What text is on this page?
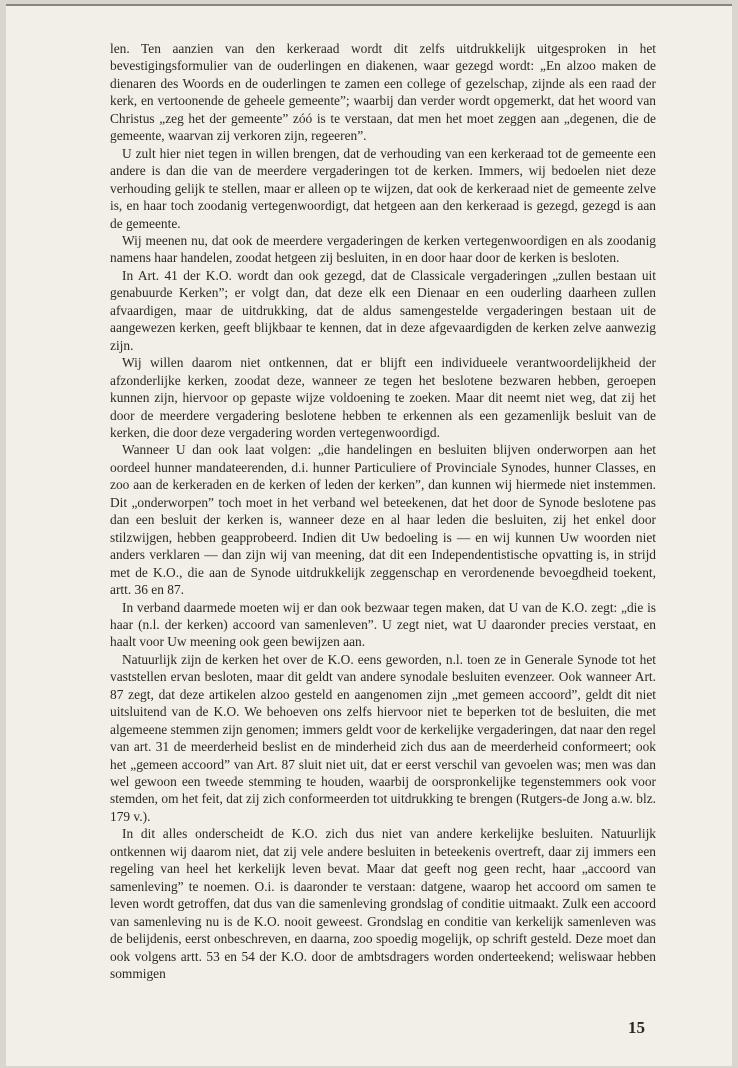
len. Ten aanzien van den kerkeraad wordt dit zelfs uitdrukkelijk uitgesproken in het bevestigingsformulier van de ouderlingen en diakenen, waar gezegd wordt: „En alzoo maken de dienaren des Woords en de ouderlingen te zamen een college of gezelschap, zijnde als een raad der kerk, en vertoonende de geheele gemeente”; waarbij dan verder wordt opgemerkt, dat het woord van Christus „zeg het der gemeente” zóó is te verstaan, dat men het moet zeggen aan „degenen, die de gemeente, waarvan zij verkoren zijn, regeeren”.

U zult hier niet tegen in willen brengen, dat de verhouding van een kerkeraad tot de gemeente een andere is dan die van de meerdere vergaderingen tot de kerken. Immers, wij bedoelen niet deze verhouding gelijk te stellen, maar er alleen op te wijzen, dat ook de kerkeraad niet de gemeente zelve is, en haar toch zoodanig vertegenwoordigt, dat hetgeen aan den kerkeraad is gezegd, gezegd is aan de gemeente.

Wij meenen nu, dat ook de meerdere vergaderingen de kerken vertegenwoordigen en als zoodanig namens haar handelen, zoodat hetgeen zij besluiten, in en door haar door de kerken is besloten.

In Art. 41 der K.O. wordt dan ook gezegd, dat de Classicale vergaderingen „zullen bestaan uit genabuurde Kerken”; er volgt dan, dat deze elk een Dienaar en een ouderling daarheen zullen afvaardigen, maar de uitdrukking, dat de aldus samengestelde vergaderingen bestaan uit de aangewezen kerken, geeft blijkbaar te kennen, dat in deze afgevaardigden de kerken zelve aanwezig zijn.

Wij willen daarom niet ontkennen, dat er blijft een individueele verantwoordelijkheid der afzonderlijke kerken, zoodat deze, wanneer ze tegen het beslotene bezwaren hebben, geroepen kunnen zijn, hiervoor op gepaste wijze voldoening te zoeken. Maar dit neemt niet weg, dat zij het door de meerdere vergadering beslotene hebben te erkennen als een gezamenlijk besluit van de kerken, die door deze vergadering worden vertegenwoordigd.

Wanneer U dan ook laat volgen: „die handelingen en besluiten blijven onderworpen aan het oordeel hunner mandateerenden, d.i. hunner Particuliere of Provinciale Synodes, hunner Classes, en zoo aan de kerkeraden en de kerken of leden der kerken”, dan kunnen wij hiermede niet instemmen. Dit „onderworpen” toch moet in het verband wel beteekenen, dat het door de Synode beslotene pas dan een besluit der kerken is, wanneer deze en al haar leden die besluiten, zij het enkel door stilzwijgen, hebben geapprobeerd. Indien dit Uw bedoeling is — en wij kunnen Uw woorden niet anders verklaren — dan zijn wij van meening, dat dit een Independentistische opvatting is, in strijd met de K.O., die aan de Synode uitdrukkelijk zeggenschap en verordenende bevoegdheid toekent, artt. 36 en 87.

In verband daarmede moeten wij er dan ook bezwaar tegen maken, dat U van de K.O. zegt: „die is haar (n.l. der kerken) accoord van samenleven”. U zegt niet, wat U daaronder precies verstaat, en haalt voor Uw meening ook geen bewijzen aan.

Natuurlijk zijn de kerken het over de K.O. eens geworden, n.l. toen ze in Generale Synode tot het vaststellen ervan besloten, maar dit geldt van andere synodale besluiten evenzeer. Ook wanneer Art. 87 zegt, dat deze artikelen alzoo gesteld en aangenomen zijn „met gemeen accoord”, geldt dit niet uitsluitend van de K.O. We behoeven ons zelfs hiervoor niet te beperken tot de besluiten, die met algemeene stemmen zijn genomen; immers geldt voor de kerkelijke vergaderingen, dat naar den regel van art. 31 de meerderheid beslist en de minderheid zich dus aan de meerderheid conformeert; ook het „gemeen accoord” van Art. 87 sluit niet uit, dat er eerst verschil van gevoelen was; men was dan wel gewoon een tweede stemming te houden, waarbij de oorspronkelijke tegenstemmers ook voor stemden, om het feit, dat zij zich conformeerden tot uitdrukking te brengen (Rutgers-de Jong a.w. blz. 179 v.).

In dit alles onderscheidt de K.O. zich dus niet van andere kerkelijke besluiten. Natuurlijk ontkennen wij daarom niet, dat zij vele andere besluiten in beteekenis overtreft, daar zij immers een regeling van heel het kerkelijk leven bevat. Maar dat geeft nog geen recht, haar „accoord van samenleving” te noemen. O.i. is daaronder te verstaan: datgene, waarop het accoord om samen te leven wordt getroffen, dat dus van die samenleving grondslag of conditie uitmaakt. Zulk een accoord van samenleving nu is de K.O. nooit geweest. Grondslag en conditie van kerkelijk samenleven was de belijdenis, eerst onbeschreven, en daarna, zoo spoedig mogelijk, op schrift gesteld. Deze moet dan ook volgens artt. 53 en 54 der K.O. door de ambtsdragers worden onderteekend; weliswaar hebben sommigen

15
